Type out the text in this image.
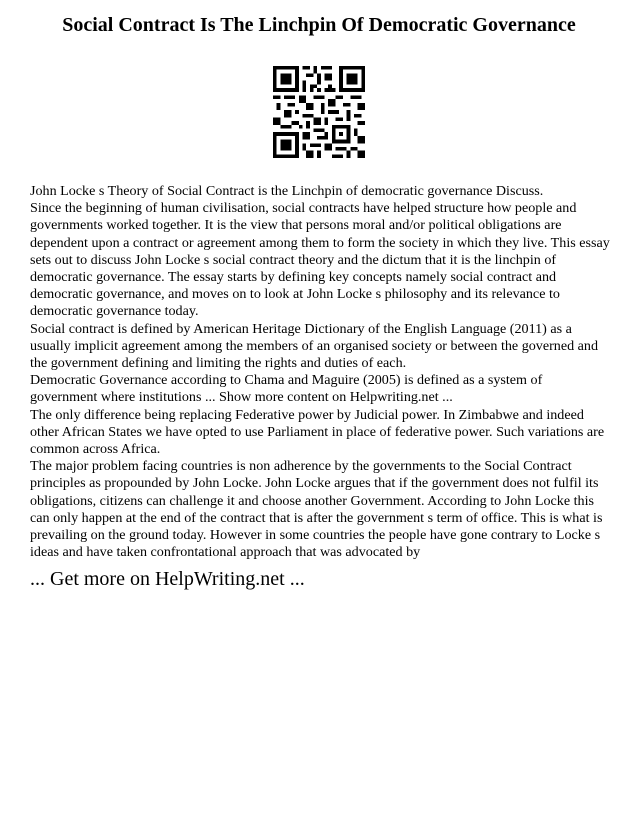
Social Contract Is The Linchpin Of Democratic Governance

John Locke s Theory of Social Contract is the Linchpin of democratic governance Discuss.

Since the beginning of human civilisation, social contracts have helped structure how people and governments worked together. It is the view that persons moral and/or political obligations are dependent upon a contract or agreement among them to form the society in which they live. This essay sets out to discuss John Locke s social contract theory and the dictum that it is the linchpin of democratic governance. The essay starts by defining key concepts namely social contract and democratic governance, and moves on to look at John Locke s philosophy and its relevance to democratic governance today.

Social contract is defined by American Heritage Dictionary of the English Language (2011) as a usually implicit agreement among the members of an organised society or between the governed and the government defining and limiting the rights and duties of each.

Democratic Governance according to Chama and Maguire (2005) is defined as a system of government where institutions ... Show more content on Helpwriting.net ...

The only difference being replacing Federative power by Judicial power. In Zimbabwe and indeed other African States we have opted to use Parliament in place of federative power. Such variations are common across Africa.

The major problem facing countries is non adherence by the governments to the Social Contract principles as propounded by John Locke. John Locke argues that if the government does not fulfil its obligations, citizens can challenge it and choose another Government. According to John Locke this can only happen at the end of the contract that is after the government s term of office. This is what is prevailing on the ground today. However in some countries the people have gone contrary to Locke s ideas and have taken confrontational approach that was advocated by

... Get more on HelpWriting.net ...
